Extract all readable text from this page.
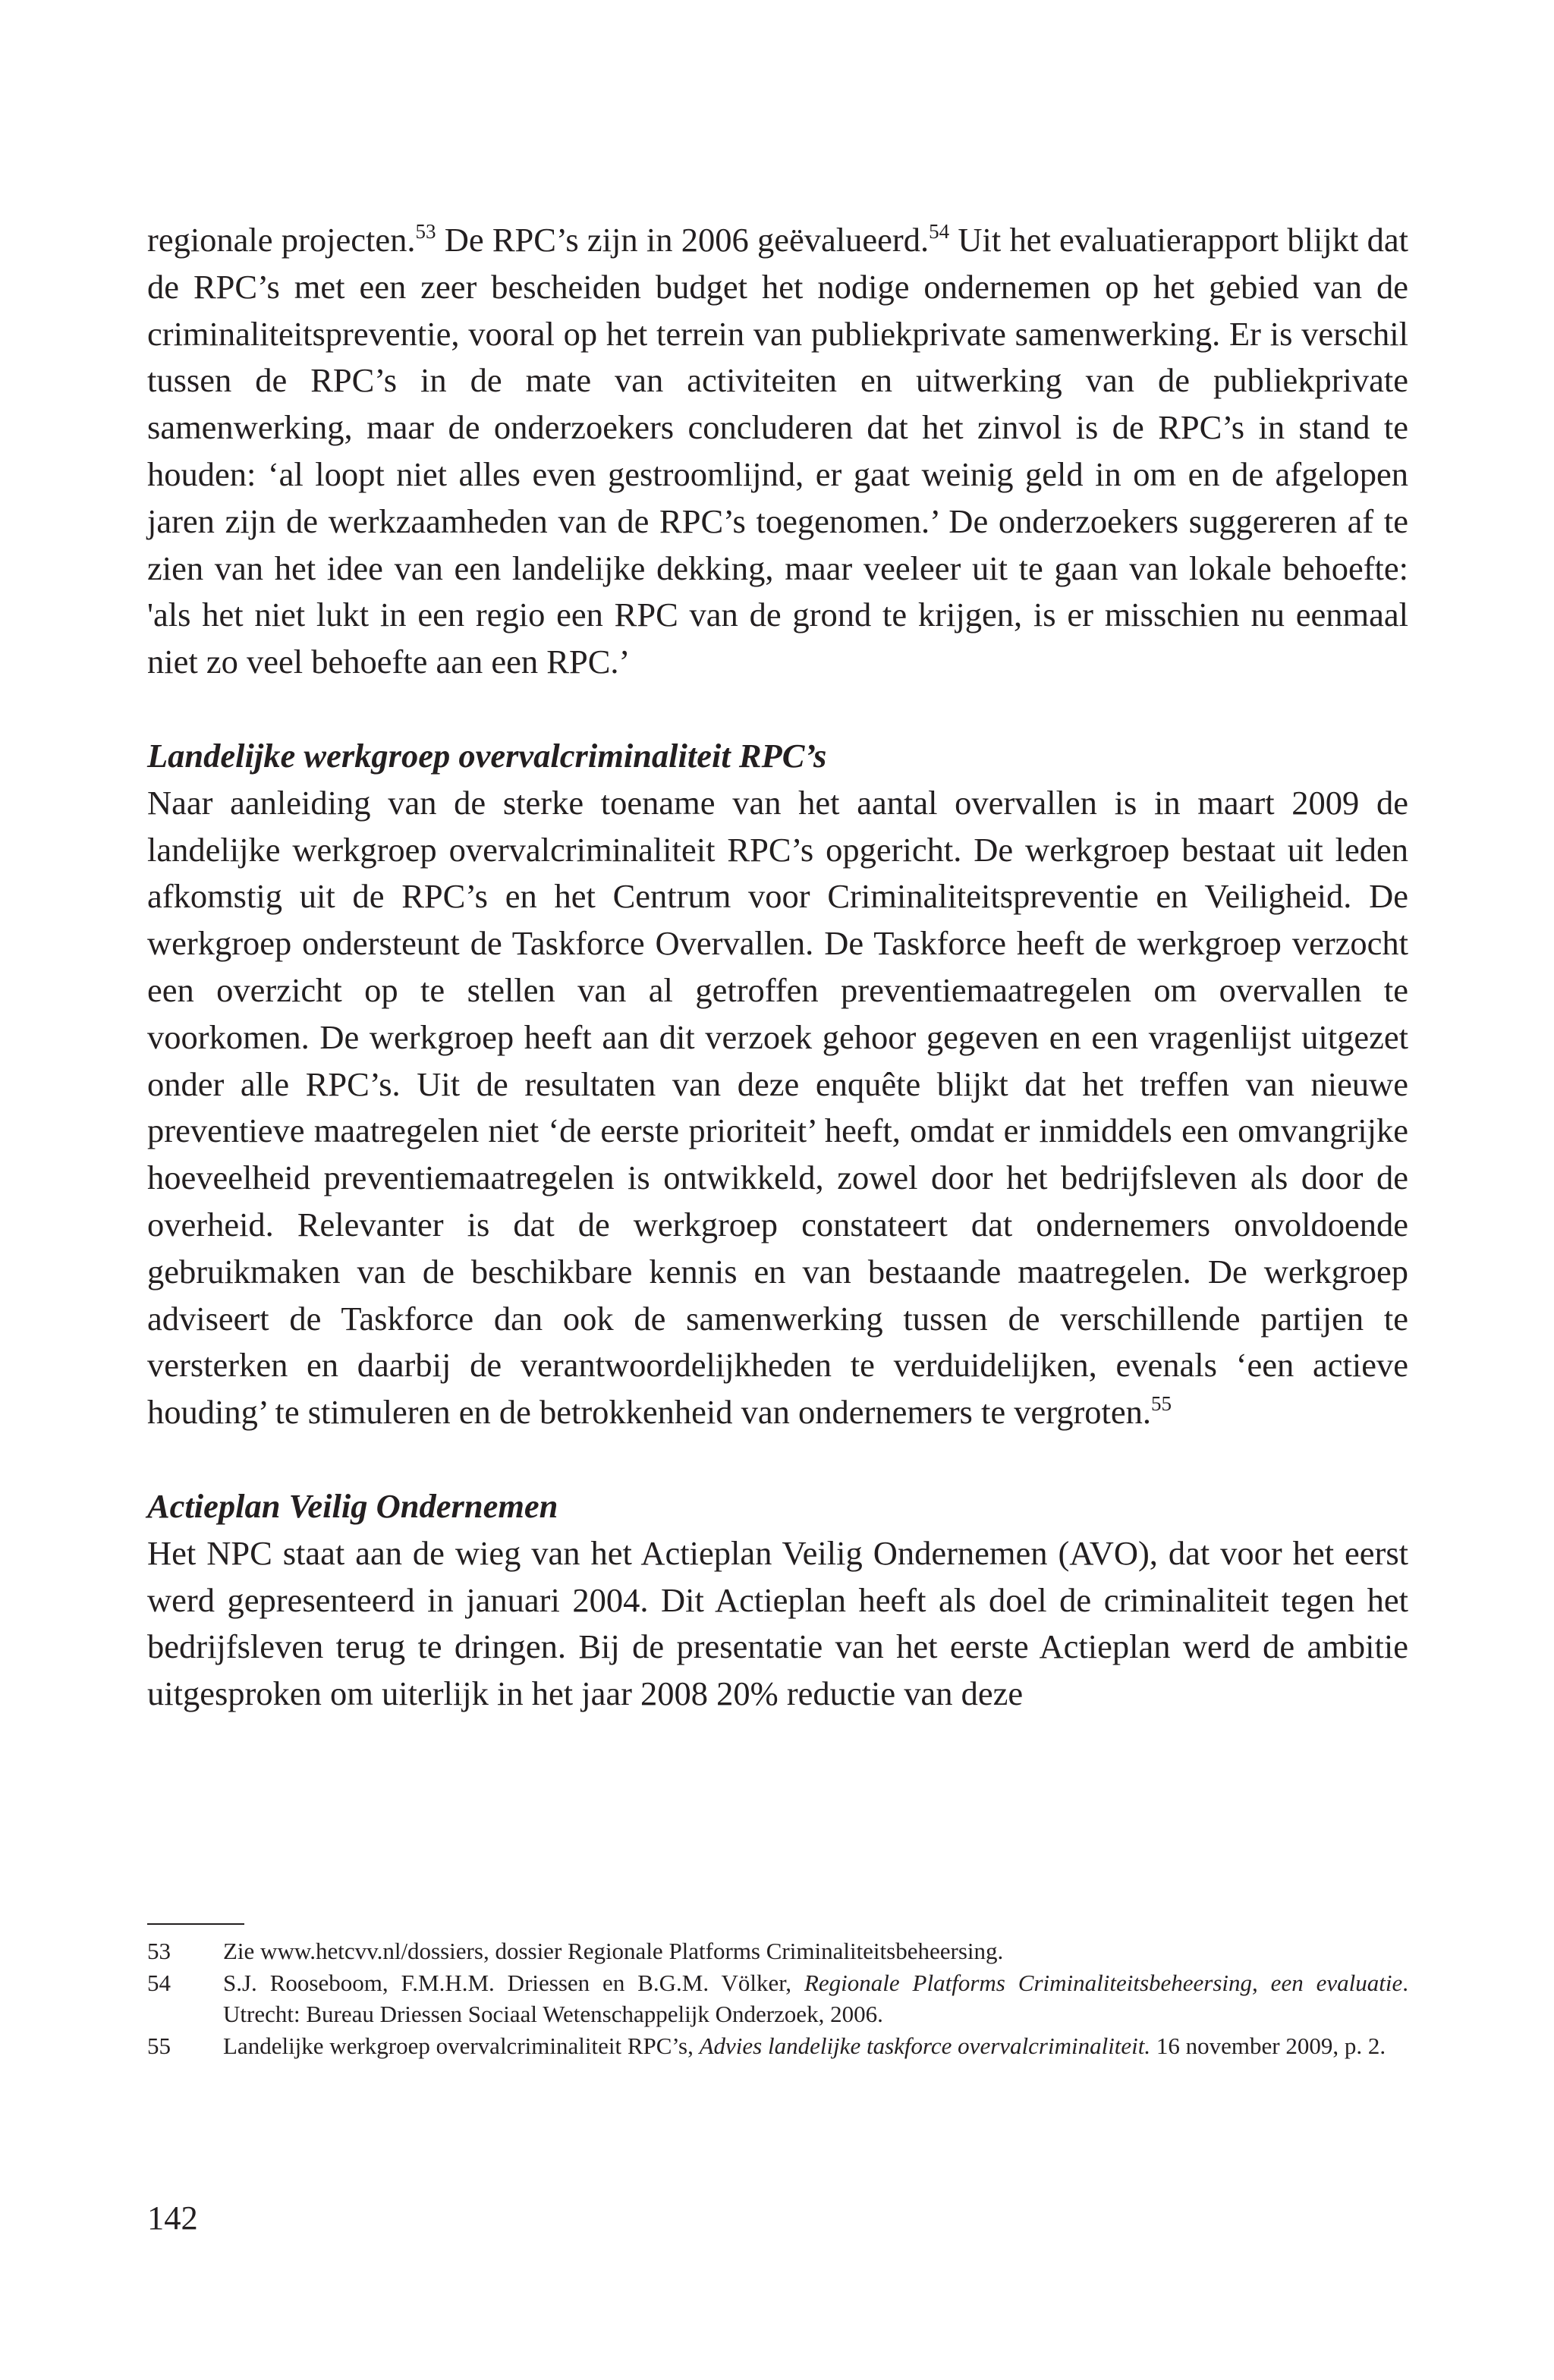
regionale projecten.$^{53}$ De RPC’s zijn in 2006 geëvalueerd.$^{54}$ Uit het evaluatierapport blijkt dat de RPC’s met een zeer bescheiden budget het nodige ondernemen op het gebied van de criminaliteitspreventie, vooral op het terrein van publiekprivate samenwerking. Er is verschil tussen de RPC’s in de mate van activiteiten en uitwerking van de publiekprivate samenwerking, maar de onderzoekers concluderen dat het zinvol is de RPC’s in stand te houden: ‘al loopt niet alles even gestroomlijnd, er gaat weinig geld in om en de afgelopen jaren zijn de werkzaamheden van de RPC’s toegenomen.’ De onderzoekers suggereren af te zien van het idee van een landelijke dekking, maar veeleer uit te gaan van lokale behoefte: 'als het niet lukt in een regio een RPC van de grond te krijgen, is er misschien nu eenmaal niet zo veel behoefte aan een RPC.’

Landelijke werkgroep overvalcriminaliteit RPC’s

Naar aanleiding van de sterke toename van het aantal overvallen is in maart 2009 de landelijke werkgroep overvalcriminaliteit RPC’s opgericht. De werkgroep bestaat uit leden afkomstig uit de RPC’s en het Centrum voor Criminaliteitspreventie en Veiligheid. De werkgroep ondersteunt de Taskforce Overvallen. De Taskforce heeft de werkgroep verzocht een overzicht op te stellen van al getroffen preventiemaatregelen om overvallen te voorkomen. De werkgroep heeft aan dit verzoek gehoor gegeven en een vragenlijst uitgezet onder alle RPC’s. Uit de resultaten van deze enquête blijkt dat het treffen van nieuwe preventieve maatregelen niet ‘de eerste prioriteit’ heeft, omdat er inmiddels een omvangrijke hoeveelheid preventiemaatregelen is ontwikkeld, zowel door het bedrijfsleven als door de overheid. Relevanter is dat de werkgroep constateert dat ondernemers onvoldoende gebruikmaken van de beschikbare kennis en van bestaande maatregelen. De werkgroep adviseert de Taskforce dan ook de samenwerking tussen de verschillende partijen te versterken en daarbij de verantwoordelijkheden te verduidelijken, evenals ‘een actieve houding’ te stimuleren en de betrokkenheid van ondernemers te vergroten.$^{55}$

Actieplan Veilig Ondernemen

Het NPC staat aan de wieg van het Actieplan Veilig Ondernemen (AVO), dat voor het eerst werd gepresenteerd in januari 2004. Dit Actieplan heeft als doel de criminaliteit tegen het bedrijfsleven terug te dringen. Bij de presentatie van het eerste Actieplan werd de ambitie uitgesproken om uiterlijk in het jaar 2008 20% reductie van deze

53	Zie www.hetcvv.nl/dossiers, dossier Regionale Platforms Criminaliteitsbeheersing.
54	S.J. Rooseboom, F.M.H.M. Driessen en B.G.M. Völker, Regionale Platforms Criminaliteitsbeheersing, een evaluatie. Utrecht: Bureau Driessen Sociaal Wetenschappelijk Onderzoek, 2006.
55	Landelijke werkgroep overvalcriminaliteit RPC’s, Advies landelijke taskforce overvalcriminaliteit. 16 november 2009, p. 2.
142
